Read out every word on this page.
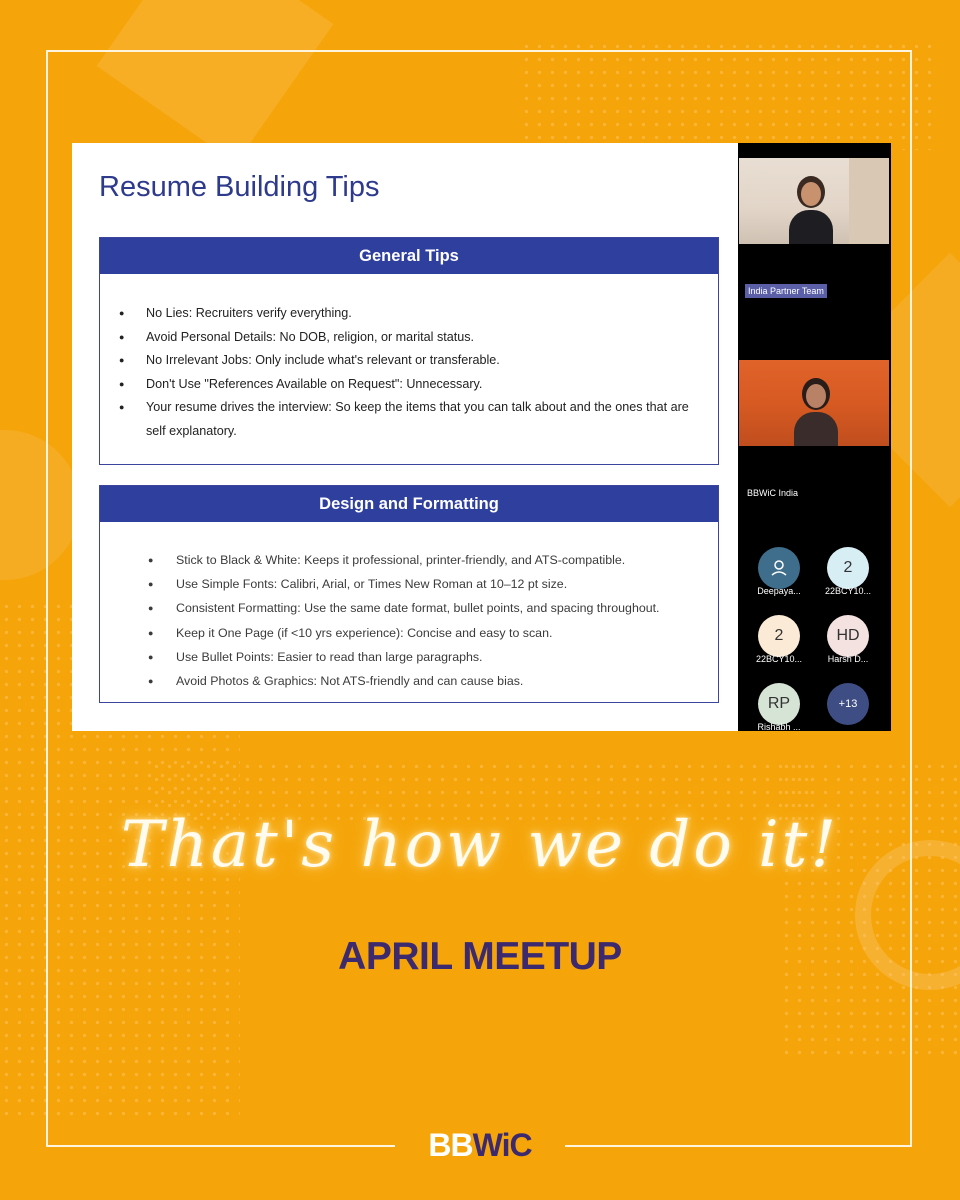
Resume Building Tips
General Tips
● No Lies: Recruiters verify everything.
● Avoid Personal Details: No DOB, religion, or marital status.
● No Irrelevant Jobs: Only include what's relevant or transferable.
● Don't Use "References Available on Request": Unnecessary.
● Your resume drives the interview: So keep the items that you can talk about and the ones that are self explanatory.
Design and Formatting
● Stick to Black & White: Keeps it professional, printer-friendly, and ATS-compatible.
● Use Simple Fonts: Calibri, Arial, or Times New Roman at 10–12 pt size.
● Consistent Formatting: Use the same date format, bullet points, and spacing throughout.
● Keep it One Page (if <10 yrs experience): Concise and easy to scan.
● Use Bullet Points: Easier to read than large paragraphs.
● Avoid Photos & Graphics: Not ATS-friendly and can cause bias.
India Partner Team
BBWiC India
Deepaya...
2
22BCY10...
2
22BCY10...
HD
Harsh D...
RP
Rishabh ...
+13
That's how we do it!
APRIL MEETUP
BB WiC
